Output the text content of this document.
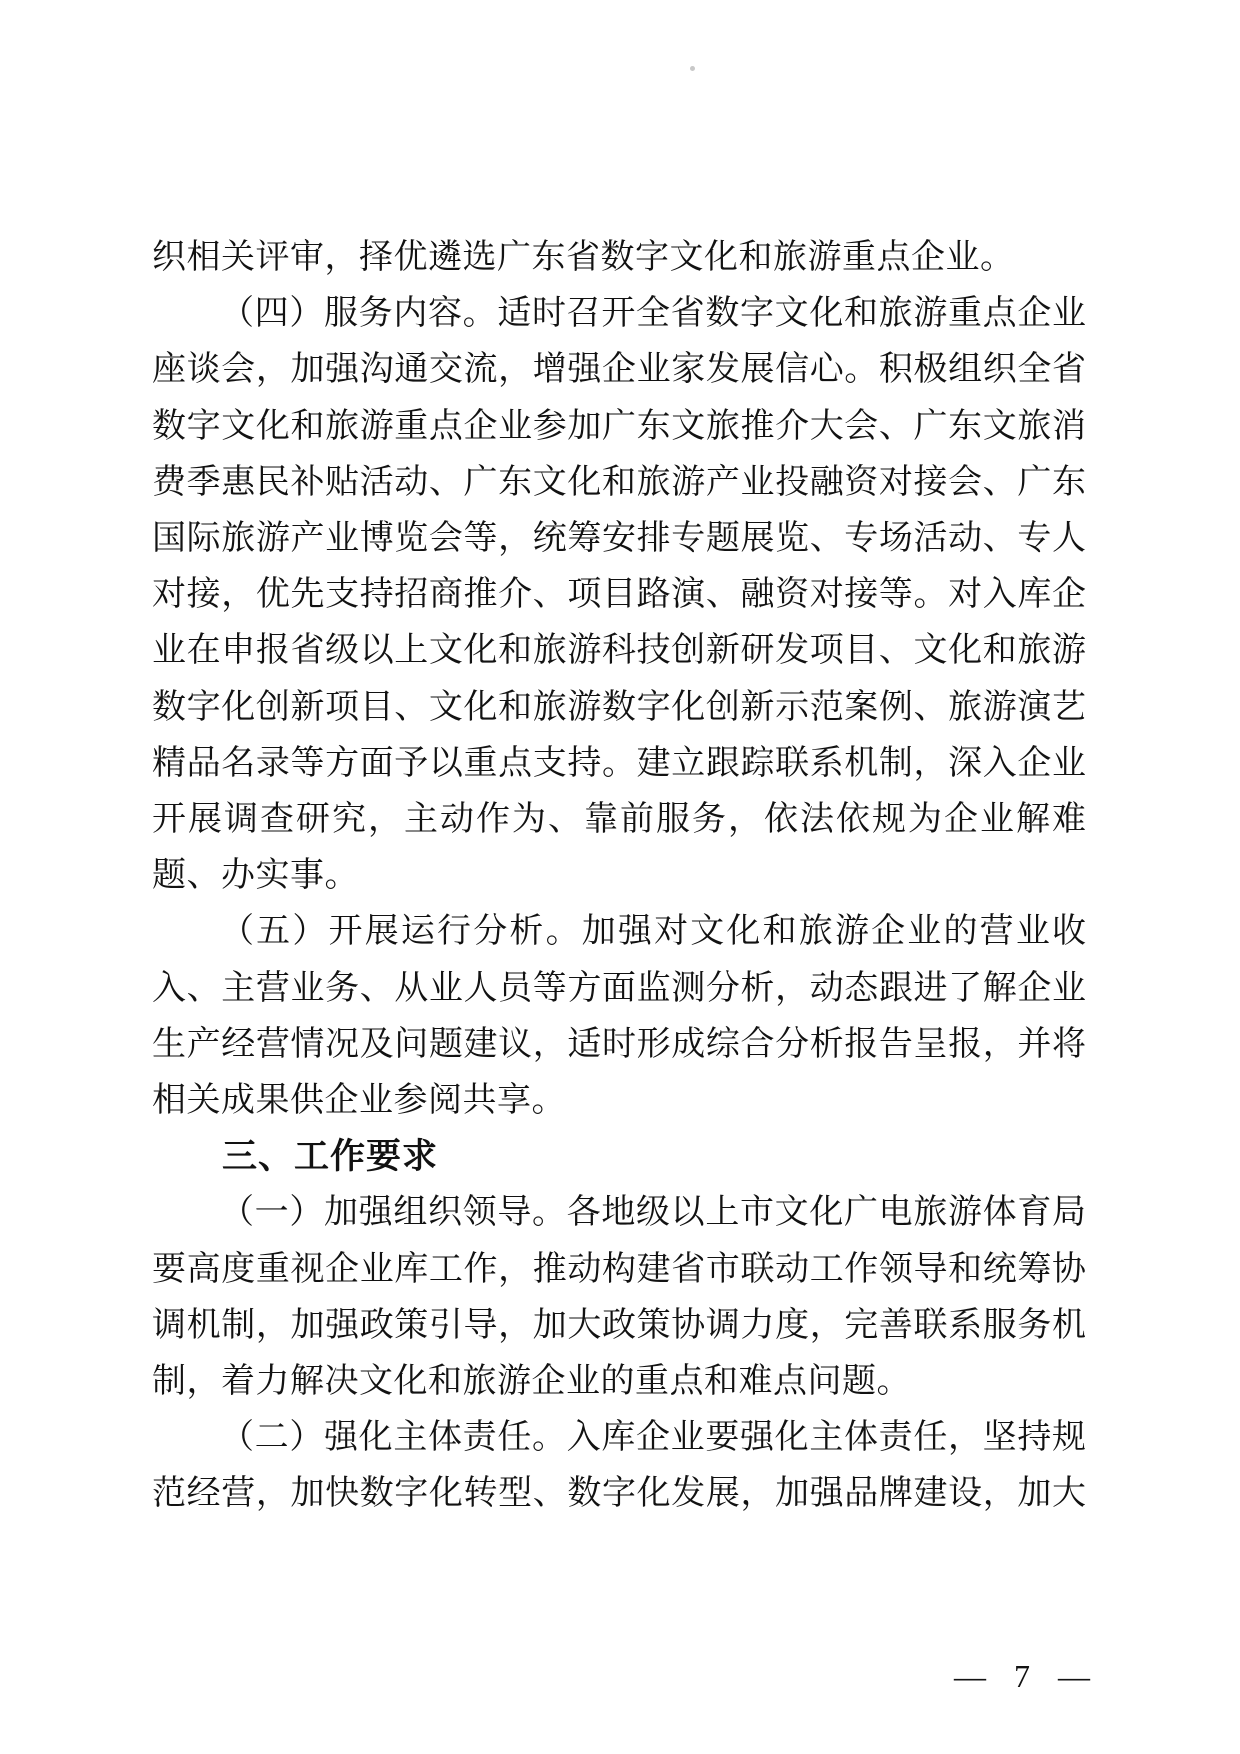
织相关评审，择优遴选广东省数字文化和旅游重点企业。

（四）服务内容。适时召开全省数字文化和旅游重点企业

座谈会，加强沟通交流，增强企业家发展信心。积极组织全省

数字文化和旅游重点企业参加广东文旅推介大会、广东文旅消

费季惠民补贴活动、广东文化和旅游产业投融资对接会、广东

国际旅游产业博览会等，统筹安排专题展览、专场活动、专人

对接，优先支持招商推介、项目路演、融资对接等。对入库企

业在申报省级以上文化和旅游科技创新研发项目、文化和旅游

数字化创新项目、文化和旅游数字化创新示范案例、旅游演艺

精品名录等方面予以重点支持。建立跟踪联系机制，深入企业

开展调查研究，主动作为、靠前服务，依法依规为企业解难

题、办实事。

（五）开展运行分析。加强对文化和旅游企业的营业收

入、主营业务、从业人员等方面监测分析，动态跟进了解企业

生产经营情况及问题建议，适时形成综合分析报告呈报，并将

相关成果供企业参阅共享。

三、工作要求

（一）加强组织领导。各地级以上市文化广电旅游体育局

要高度重视企业库工作，推动构建省市联动工作领导和统筹协

调机制，加强政策引导，加大政策协调力度，完善联系服务机

制，着力解决文化和旅游企业的重点和难点问题。

（二）强化主体责任。入库企业要强化主体责任，坚持规

范经营，加快数字化转型、数字化发展，加强品牌建设，加大

— 7 —
